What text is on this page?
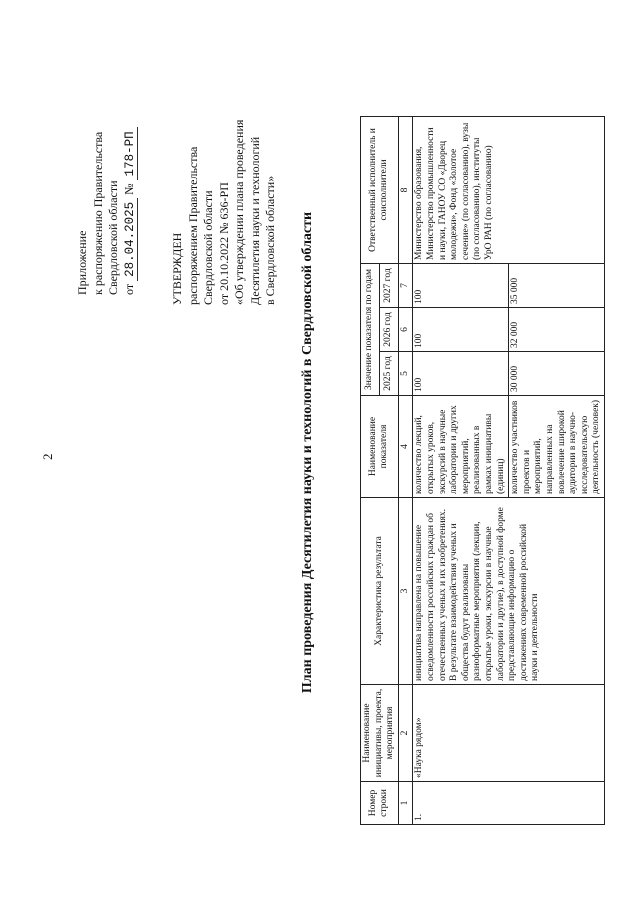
2
Приложение к распоряжению Правительства Свердловской области от 28.04.2025 № 178-РП
УТВЕРЖДЕН распоряжением Правительства Свердловской области от 20.10.2022 № 636-РП «Об утверждении плана проведения Десятилетия науки и технологий в Свердловской области» План проведения Десятилетия науки и технологий в Свердловской области
Номер строки	Наименование инициативы, проекта, мероприятия	Характеристика результата	Наименование показателя	Значение показателя по годам			Ответственный исполнитель и соисполнители
				2025 год	2026 год	2027 год	
1	2	3	4	5	6	7	8
1.	«Наука рядом»	инициатива направлена на повышение осведомленности российских граждан об отечественных ученых и их изобретениях. В результате взаимодействия ученых и общества будут реализованы разноформатные мероприятия (лекции, открытые уроки, экскурсии в научные лаборатории и другие), в доступной форме представляющие информацию о достижениях современной российской науки и деятельности	количество лекций, открытых уроков, экскурсий в научные лаборатории и других мероприятий, реализованных в рамках инициативы (единиц)	100	100	100	Министерство образования, Министерство промышленности и науки, ГАНОУ СО «Дворец молодежи», Фонд «Золотое сечение» (по согласованию), вузы (по согласованию), институты УрО РАН (по согласованию)
			количество участников проектов и мероприятий, направленных на вовлечение широкой аудитории в научно-исследовательскую деятельность (человек)	30 000	32 000	35 000	
